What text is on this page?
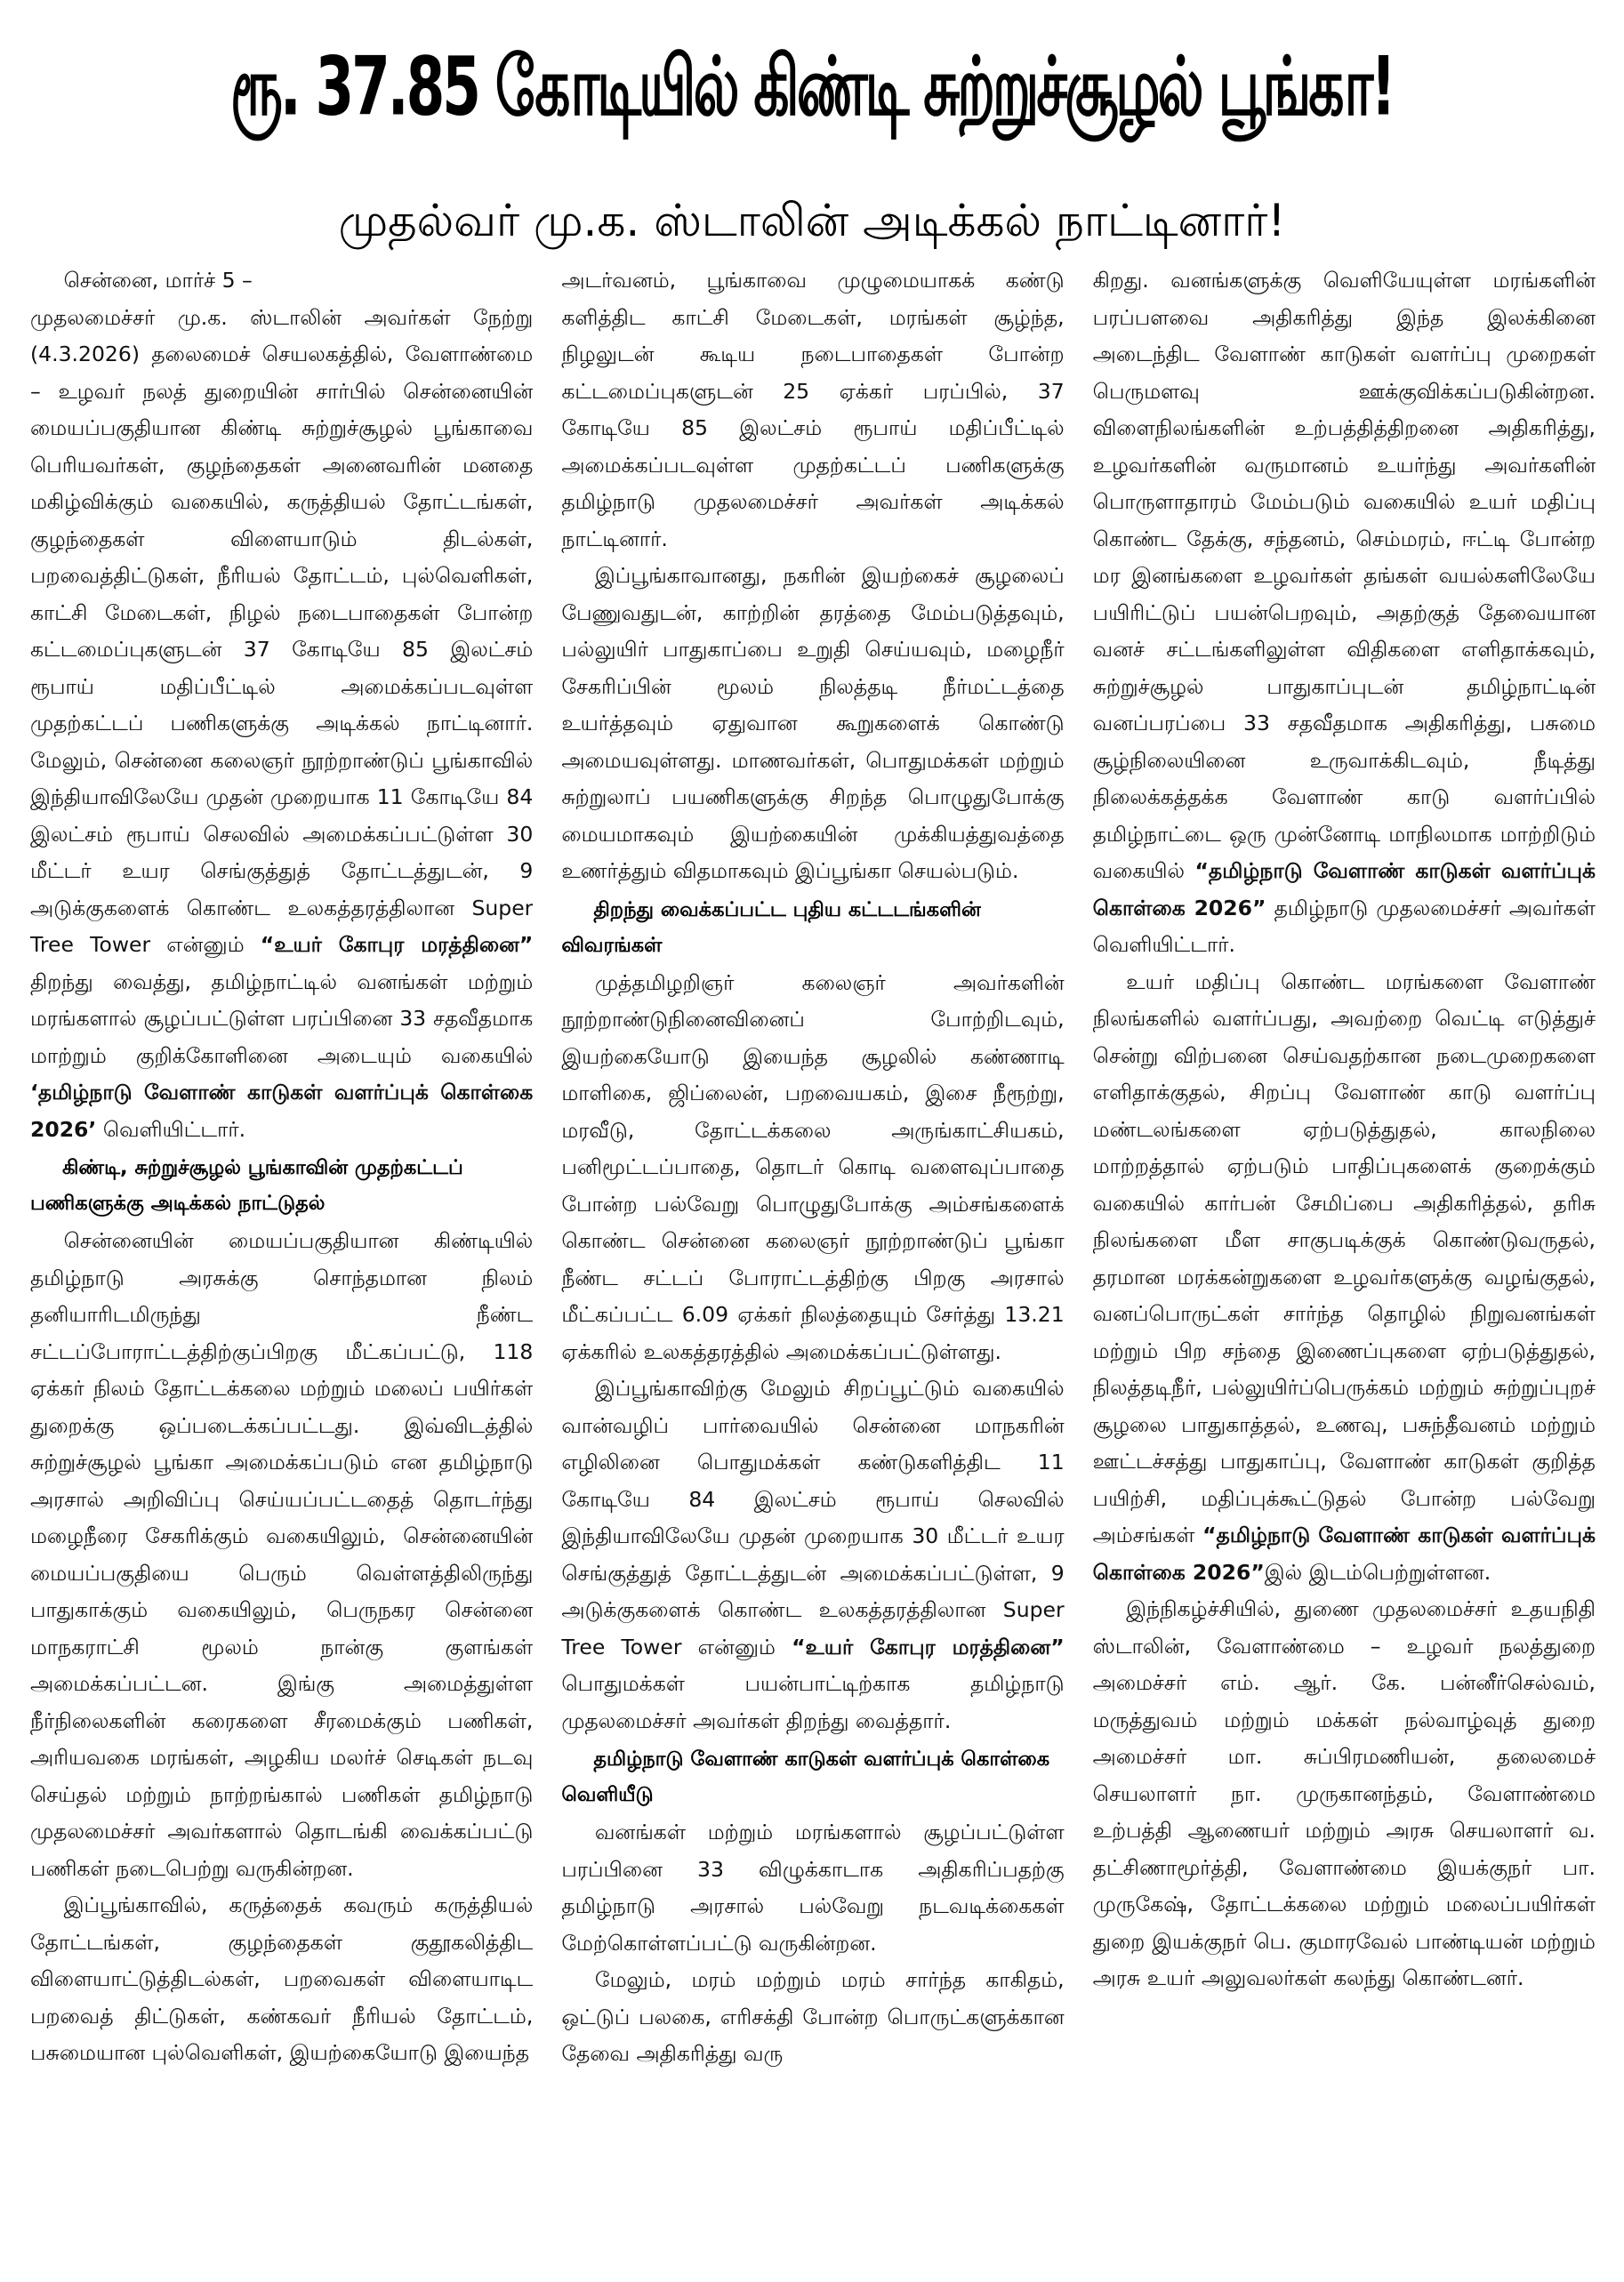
ரூ. 37.85 கோடியில் கிண்டி சுற்றுச்சூழல் பூங்கா!
முதல்வர் மு.க. ஸ்டாலின் அடிக்கல் நாட்டினார்!

சென்னை, மார்ச் 5 –

முதலமைச்சர் மு.க. ஸ்டாலின் அவர்கள் நேற்று (4.3.2026) தலைமைச் செயலகத்தில், வேளாண்மை – உழவர் நலத் துறையின் சார்பில் சென்னையின் மையப்பகுதியான கிண்டி சுற்றுச்சூழல் பூங்காவை பெரியவர்கள், குழந்தைகள் அனைவரின் மனதை மகிழ்விக்கும் வகையில், கருத்தியல் தோட்டங்கள், குழந்தைகள் விளையாடும் திடல்கள், பறவைத்திட்டுகள், நீரியல் தோட்டம், புல்வெளிகள், காட்சி மேடைகள், நிழல் நடைபாதைகள் போன்ற கட்டமைப்புகளுடன் 37 கோடியே 85 இலட்சம் ரூபாய் மதிப்பீட்டில் அமைக்கப்படவுள்ள முதற்கட்டப் பணிகளுக்கு அடிக்கல் நாட்டினார். மேலும், சென்னை கலைஞர் நூற்றாண்டுப் பூங்காவில் இந்தியாவிலேயே முதன் முறையாக 11 கோடியே 84 இலட்சம் ரூபாய் செலவில் அமைக்கப்பட்டுள்ள 30 மீட்டர் உயர செங்குத்துத் தோட்டத்துடன், 9 அடுக்குகளைக் கொண்ட உலகத்தரத்திலான Super Tree Tower என்னும் “உயர் கோபுர மரத்தினை” திறந்து வைத்து, தமிழ்நாட்டில் வனங்கள் மற்றும் மரங்களால் சூழப்பட்டுள்ள பரப்பினை 33 சதவீதமாக மாற்றும் குறிக்கோளினை அடையும் வகையில் ‘தமிழ்நாடு வேளாண் காடுகள் வளர்ப்புக் கொள்கை 2026’ வெளியிட்டார்.

கிண்டி, சுற்றுச்சூழல் பூங்காவின் முதற்கட்டப் பணிகளுக்கு அடிக்கல் நாட்டுதல்

சென்னையின் மையப்பகுதியான கிண்டியில் தமிழ்நாடு அரசுக்கு சொந்தமான நிலம் தனியாரிடமிருந்து நீண்ட சட்டப்போராட்டத்திற்குப்பிறகு மீட்கப்பட்டு, 118 ஏக்கர் நிலம் தோட்டக்கலை மற்றும் மலைப் பயிர்கள் துறைக்கு ஒப்படைக்கப்பட்டது. இவ்விடத்தில் சுற்றுச்சூழல் பூங்கா அமைக்கப்படும் என தமிழ்நாடு அரசால் அறிவிப்பு செய்யப்பட்டதைத் தொடர்ந்து மழைநீரை சேகரிக்கும் வகையிலும், சென்னையின் மையப்பகுதியை பெரும் வெள்ளத்திலிருந்து பாதுகாக்கும் வகையிலும், பெருநகர சென்னை மாநகராட்சி மூலம் நான்கு குளங்கள் அமைக்கப்பட்டன. இங்கு அமைத்துள்ள நீர்நிலைகளின் கரைகளை சீரமைக்கும் பணிகள், அரியவகை மரங்கள், அழகிய மலர்ச் செடிகள் நடவு செய்தல் மற்றும் நாற்றங்கால் பணிகள் தமிழ்நாடு முதலமைச்சர் அவர்களால் தொடங்கி வைக்கப்பட்டு பணிகள் நடைபெற்று வருகின்றன.

இப்பூங்காவில், கருத்தைக் கவரும் கருத்தியல் தோட்டங்கள், குழந்தைகள் குதூகலித்திட விளையாட்டுத்திடல்கள், பறவைகள் விளையாடிட பறவைத் திட்டுகள், கண்கவர் நீரியல் தோட்டம், பசுமையான புல்வெளிகள், இயற்கையோடு இயைந்த

அடர்வனம், பூங்காவை முழுமையாகக் கண்டு களித்திட காட்சி மேடைகள், மரங்கள் சூழ்ந்த, நிழலுடன் கூடிய நடைபாதைகள் போன்ற கட்டமைப்புகளுடன் 25 ஏக்கர் பரப்பில், 37 கோடியே 85 இலட்சம் ரூபாய் மதிப்பீட்டில் அமைக்கப்படவுள்ள முதற்கட்டப் பணிகளுக்கு தமிழ்நாடு முதலமைச்சர் அவர்கள் அடிக்கல் நாட்டினார்.

இப்பூங்காவானது, நகரின் இயற்கைச் சூழலைப் பேணுவதுடன், காற்றின் தரத்தை மேம்படுத்தவும், பல்லுயிர் பாதுகாப்பை உறுதி செய்யவும், மழைநீர் சேகரிப்பின் மூலம் நிலத்தடி நீர்மட்டத்தை உயர்த்தவும் ஏதுவான கூறுகளைக் கொண்டு அமையவுள்ளது. மாணவர்கள், பொதுமக்கள் மற்றும் சுற்றுலாப் பயணிகளுக்கு சிறந்த பொழுதுபோக்கு மையமாகவும் இயற்கையின் முக்கியத்துவத்தை உணர்த்தும் விதமாகவும் இப்பூங்கா செயல்படும்.

திறந்து வைக்கப்பட்ட புதிய கட்டடங்களின் விவரங்கள்

முத்தமிழறிஞர் கலைஞர் அவர்களின் நூற்றாண்டுநினைவினைப் போற்றிடவும், இயற்கையோடு இயைந்த சூழலில் கண்ணாடி மாளிகை, ஜிப்லைன், பறவையகம், இசை நீரூற்று, மரவீடு, தோட்டக்கலை அருங்காட்சியகம், பனிமூட்டப்பாதை, தொடர் கொடி வளைவுப்பாதை போன்ற பல்வேறு பொழுதுபோக்கு அம்சங்களைக் கொண்ட சென்னை கலைஞர் நூற்றாண்டுப் பூங்கா நீண்ட சட்டப் போராட்டத்திற்கு பிறகு அரசால் மீட்கப்பட்ட 6.09 ஏக்கர் நிலத்தையும் சேர்த்து 13.21 ஏக்கரில் உலகத்தரத்தில் அமைக்கப்பட்டுள்ளது.

இப்பூங்காவிற்கு மேலும் சிறப்பூட்டும் வகையில் வான்வழிப் பார்வையில் சென்னை மாநகரின் எழிலினை பொதுமக்கள் கண்டுகளித்திட 11 கோடியே 84 இலட்சம் ரூபாய் செலவில் இந்தியாவிலேயே முதன் முறையாக 30 மீட்டர் உயர செங்குத்துத் தோட்டத்துடன் அமைக்கப்பட்டுள்ள, 9 அடுக்குகளைக் கொண்ட உலகத்தரத்திலான Super Tree Tower என்னும் “உயர் கோபுர மரத்தினை” பொதுமக்கள் பயன்பாட்டிற்காக தமிழ்நாடு முதலமைச்சர் அவர்கள் திறந்து வைத்தார்.

தமிழ்நாடு வேளாண் காடுகள் வளர்ப்புக் கொள்கை வெளியீடு

வனங்கள் மற்றும் மரங்களால் சூழப்பட்டுள்ள பரப்பினை 33 விழுக்காடாக அதிகரிப்பதற்கு தமிழ்நாடு அரசால் பல்வேறு நடவடிக்கைகள் மேற்கொள்ளப்பட்டு வருகின்றன.

மேலும், மரம் மற்றும் மரம் சார்ந்த காகிதம், ஒட்டுப் பலகை, எரிசக்தி போன்ற பொருட்களுக்கான தேவை அதிகரித்து வரு

கிறது. வனங்களுக்கு வெளியேயுள்ள மரங்களின் பரப்பளவை அதிகரித்து இந்த இலக்கினை அடைந்திட வேளாண் காடுகள் வளர்ப்பு முறைகள் பெருமளவு ஊக்குவிக்கப்படுகின்றன. விளைநிலங்களின் உற்பத்தித்திறனை அதிகரித்து, உழவர்களின் வருமானம் உயர்ந்து அவர்களின் பொருளாதாரம் மேம்படும் வகையில் உயர் மதிப்பு கொண்ட தேக்கு, சந்தனம், செம்மரம், ஈட்டி போன்ற மர இனங்களை உழவர்கள் தங்கள் வயல்களிலேயே பயிரிட்டுப் பயன்பெறவும், அதற்குத் தேவையான வனச் சட்டங்களிலுள்ள விதிகளை எளிதாக்கவும், சுற்றுச்சூழல் பாதுகாப்புடன் தமிழ்நாட்டின் வனப்பரப்பை 33 சதவீதமாக அதிகரித்து, பசுமை சூழ்நிலையினை உருவாக்கிடவும், நீடித்து நிலைக்கத்தக்க வேளாண் காடு வளர்ப்பில் தமிழ்நாட்டை ஒரு முன்னோடி மாநிலமாக மாற்றிடும் வகையில் “தமிழ்நாடு வேளாண் காடுகள் வளர்ப்புக் கொள்கை 2026” தமிழ்நாடு முதலமைச்சர் அவர்கள் வெளியிட்டார்.

உயர் மதிப்பு கொண்ட மரங்களை வேளாண் நிலங்களில் வளர்ப்பது, அவற்றை வெட்டி எடுத்துச் சென்று விற்பனை செய்வதற்கான நடைமுறைகளை எளிதாக்குதல், சிறப்பு வேளாண் காடு வளர்ப்பு மண்டலங்களை ஏற்படுத்துதல், காலநிலை மாற்றத்தால் ஏற்படும் பாதிப்புகளைக் குறைக்கும் வகையில் கார்பன் சேமிப்பை அதிகரித்தல், தரிசு நிலங்களை மீள சாகுபடிக்குக் கொண்டுவருதல், தரமான மரக்கன்றுகளை உழவர்களுக்கு வழங்குதல், வனப்பொருட்கள் சார்ந்த தொழில் நிறுவனங்கள் மற்றும் பிற சந்தை இணைப்புகளை ஏற்படுத்துதல், நிலத்தடிநீர், பல்லுயிர்ப்பெருக்கம் மற்றும் சுற்றுப்புறச் சூழலை பாதுகாத்தல், உணவு, பசுந்தீவனம் மற்றும் ஊட்டச்சத்து பாதுகாப்பு, வேளாண் காடுகள் குறித்த பயிற்சி, மதிப்புக்கூட்டுதல் போன்ற பல்வேறு அம்சங்கள் “தமிழ்நாடு வேளாண் காடுகள் வளர்ப்புக் கொள்கை 2026”இல் இடம்பெற்றுள்ளன.

இந்நிகழ்ச்சியில், துணை முதலமைச்சர் உதயநிதி ஸ்டாலின், வேளாண்மை – உழவர் நலத்துறை அமைச்சர் எம். ஆர். கே. பன்னீர்செல்வம், மருத்துவம் மற்றும் மக்கள் நல்வாழ்வுத் துறை அமைச்சர் மா. சுப்பிரமணியன், தலைமைச் செயலாளர் நா. முருகானந்தம், வேளாண்மை உற்பத்தி ஆணையர் மற்றும் அரசு செயலாளர் வ. தட்சிணாமூர்த்தி, வேளாண்மை இயக்குநர் பா. முருகேஷ், தோட்டக்கலை மற்றும் மலைப்பயிர்கள் துறை இயக்குநர் பெ. குமாரவேல் பாண்டியன் மற்றும் அரசு உயர் அலுவலர்கள் கலந்து கொண்டனர்.
